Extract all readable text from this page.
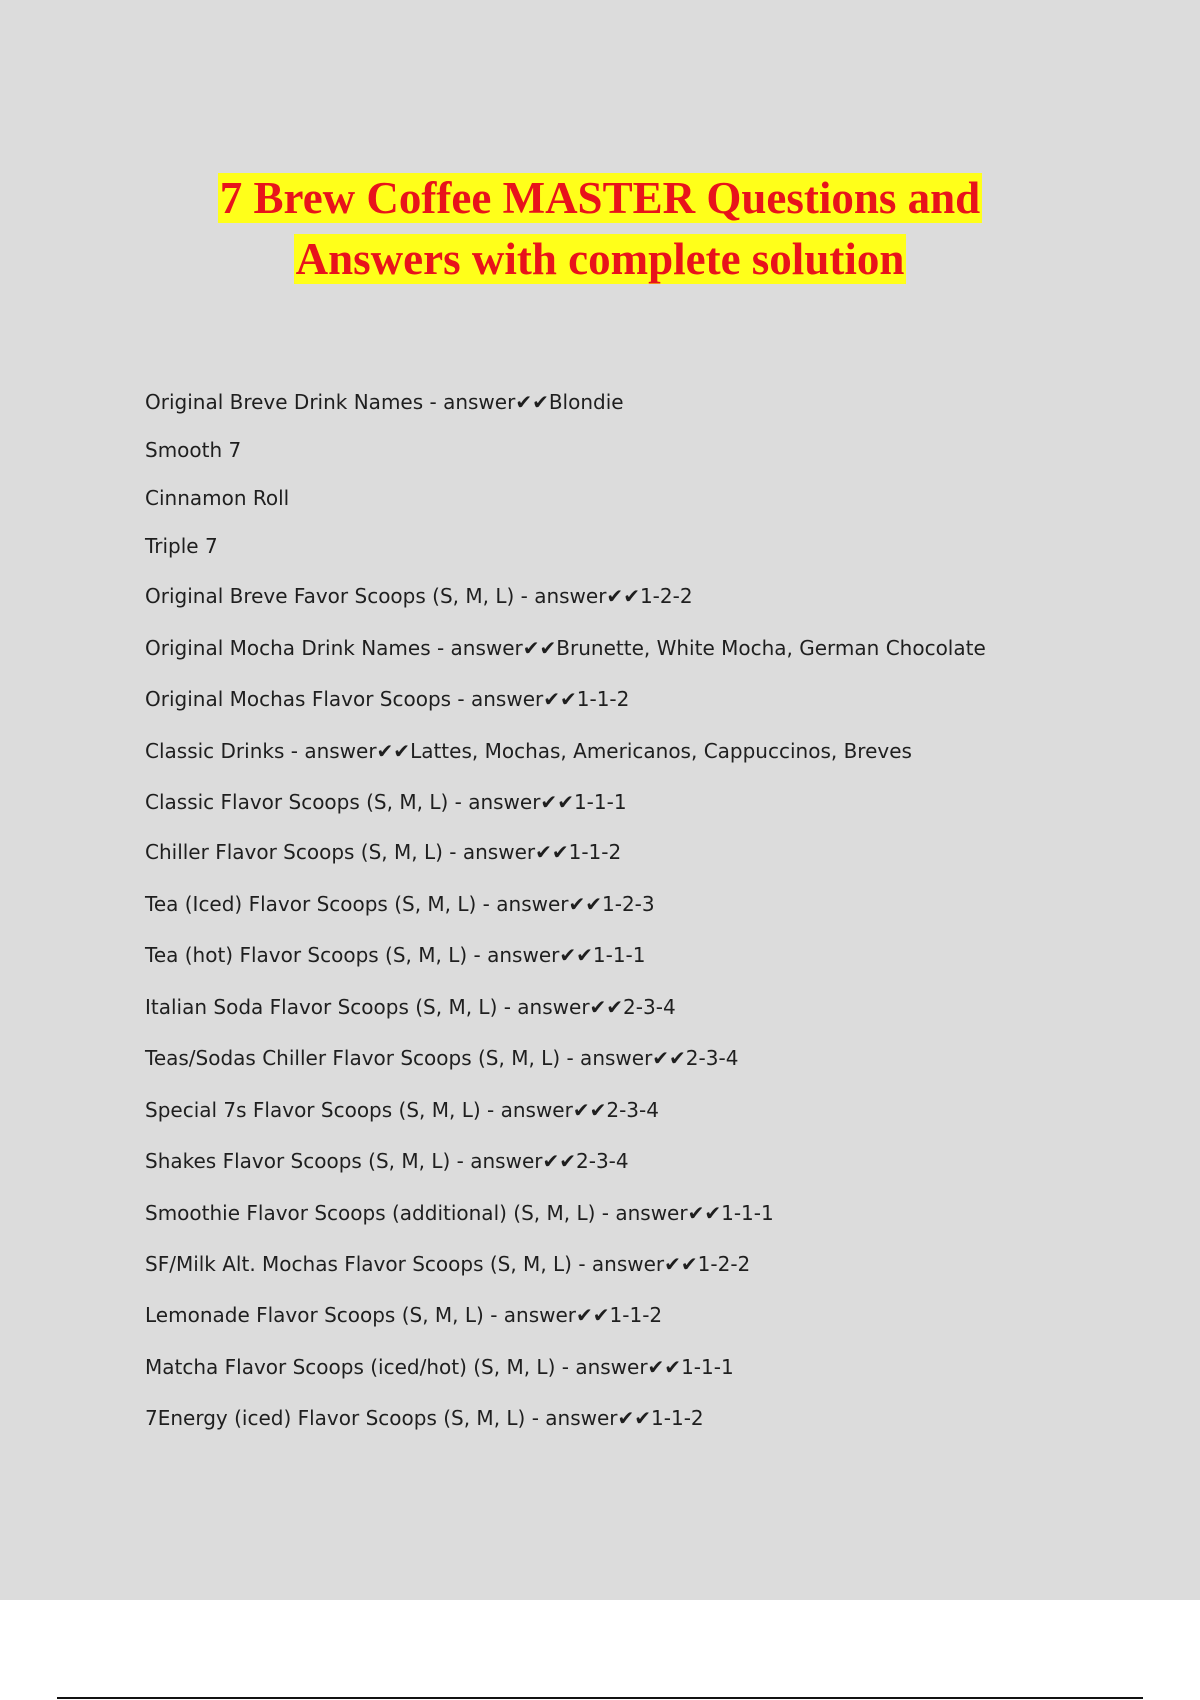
7 Brew Coffee MASTER Questions and
Answers with complete solution
Original Breve Drink Names - answer✔✔Blondie
Smooth 7
Cinnamon Roll
Triple 7
Original Breve Favor Scoops (S, M, L) - answer✔✔1-2-2
Original Mocha Drink Names - answer✔✔Brunette, White Mocha, German Chocolate
Original Mochas Flavor Scoops - answer✔✔1-1-2
Classic Drinks - answer✔✔Lattes, Mochas, Americanos, Cappuccinos, Breves
Classic Flavor Scoops (S, M, L) - answer✔✔1-1-1
Chiller Flavor Scoops (S, M, L) - answer✔✔1-1-2
Tea (Iced) Flavor Scoops (S, M, L) - answer✔✔1-2-3
Tea (hot) Flavor Scoops (S, M, L) - answer✔✔1-1-1
Italian Soda Flavor Scoops (S, M, L) - answer✔✔2-3-4
Teas/Sodas Chiller Flavor Scoops (S, M, L) - answer✔✔2-3-4
Special 7s Flavor Scoops (S, M, L) - answer✔✔2-3-4
Shakes Flavor Scoops (S, M, L) - answer✔✔2-3-4
Smoothie Flavor Scoops (additional) (S, M, L) - answer✔✔1-1-1
SF/Milk Alt. Mochas Flavor Scoops (S, M, L) - answer✔✔1-2-2
Lemonade Flavor Scoops (S, M, L) - answer✔✔1-1-2
Matcha Flavor Scoops (iced/hot) (S, M, L) - answer✔✔1-1-1
7Energy (iced) Flavor Scoops (S, M, L) - answer✔✔1-1-2
